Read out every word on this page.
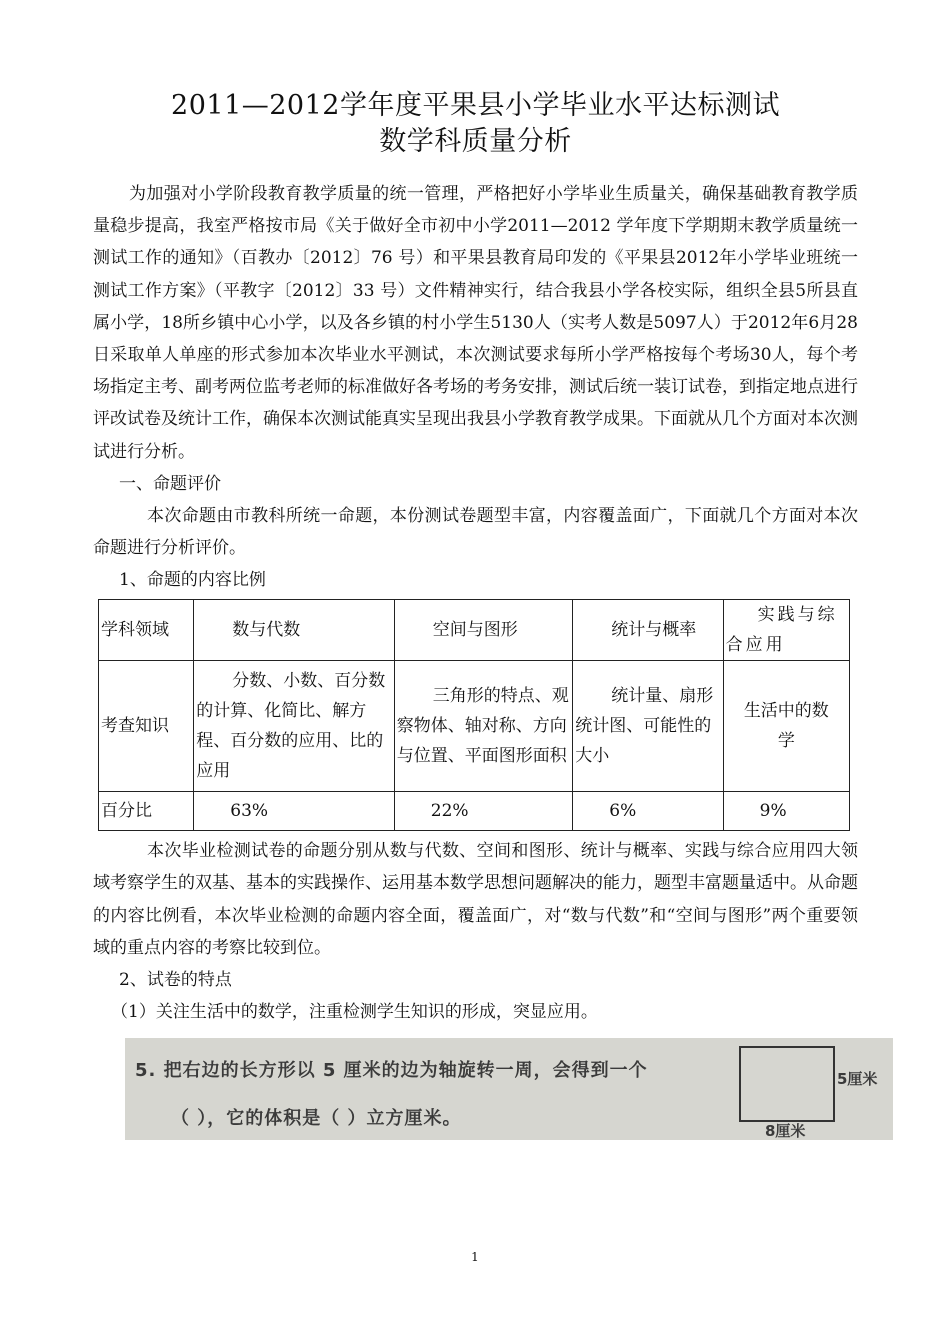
2011—2012学年度平果县小学毕业水平达标测试
数学科质量分析

为加强对小学阶段教育教学质量的统一管理，严格把好小学毕业生质量关，确保基础教育教学质量稳步提高，我室严格按市局《关于做好全市初中小学2011—2012 学年度下学期期末教学质量统一测试工作的通知》（百教办〔2012〕76 号）和平果县教育局印发的《平果县2012年小学毕业班统一测试工作方案》（平教字〔2012〕33 号）文件精神实行，结合我县小学各校实际，组织全县5所县直属小学，18所乡镇中心小学，以及各乡镇的村小学生5130人（实考人数是5097人）于2012年6月28日采取单人单座的形式参加本次毕业水平测试，本次测试要求每所小学严格按每个考场30人，每个考场指定主考、副考两位监考老师的标准做好各考场的考务安排，测试后统一装订试卷，到指定地点进行评改试卷及统计工作，确保本次测试能真实呈现出我县小学教育教学成果。下面就从几个方面对本次测试进行分析。

一、命题评价

本次命题由市教科所统一命题，本份测试卷题型丰富，内容覆盖面广，下面就几个方面对本次命题进行分析评价。

1、命题的内容比例

学科领域	数与代数	空间与图形	统计与概率	实践与综合应用
考查知识	分数、小数、百分数的计算、化简比、解方程、百分数的应用、比的应用	三角形的特点、观察物体、轴对称、方向与位置、平面图形面积	统计量、扇形统计图、可能性的大小	生活中的数学
百分比	63%	22%	6%	9%

本次毕业检测试卷的命题分别从数与代数、空间和图形、统计与概率、实践与综合应用四大领域考察学生的双基、基本的实践操作、运用基本数学思想问题解决的能力，题型丰富题量适中。从命题的内容比例看，本次毕业检测的命题内容全面，覆盖面广，对“数与代数”和“空间与图形”两个重要领域的重点内容的考察比较到位。

2、试卷的特点

（1）关注生活中的数学，注重检测学生知识的形成，突显应用。

5. 把右边的长方形以 5 厘米的边为轴旋转一周，会得到一个
（ ），它的体积是（ ）立方厘米。
5厘米
8厘米
1
